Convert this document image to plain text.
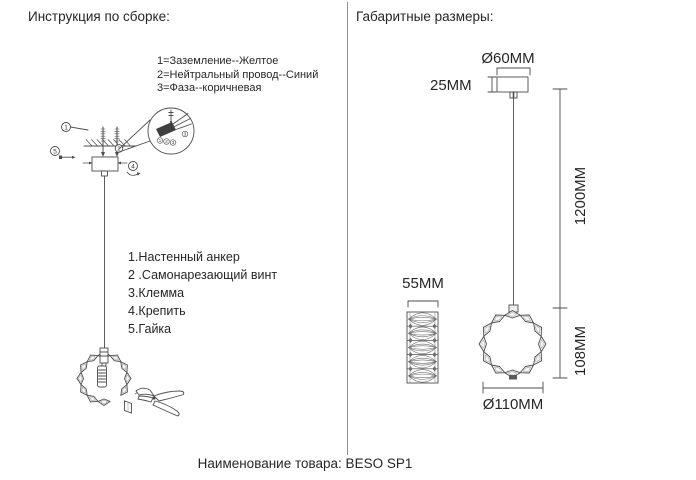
1
5	2
4
1 2 3
3
Инструкция по сборке:	Габаритные размеры:
1=Заземление--Желтое
2=Нейтральный провод--Синий
3=Фаза--коричневая
1.Настенный анкер
2 .Самонарезающий винт
3.Клемма
4.Крепить
5.Гайка
Ø60MM
25MM
1200MM
108MM
55MM
Ø110MM
Наименование товара: BESO SP1
